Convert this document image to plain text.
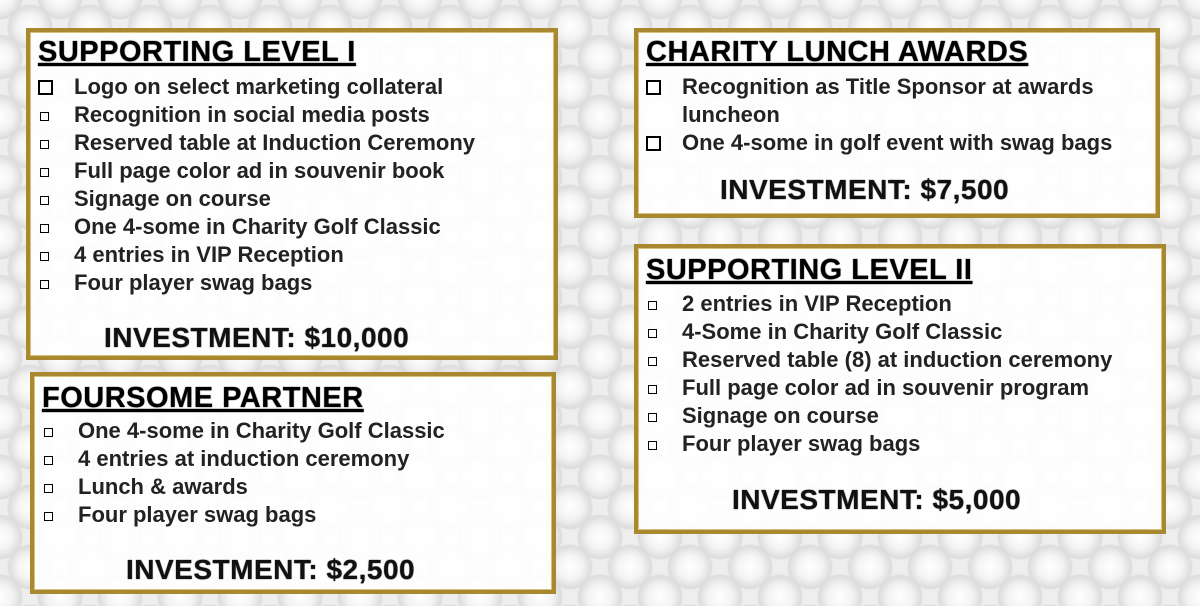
SUPPORTING LEVEL I
Logo on select marketing collateral
Recognition in social media posts
Reserved table at Induction Ceremony
Full page color ad in souvenir book
Signage on course
One 4-some in Charity Golf Classic
4 entries in VIP Reception
Four player swag bags

INVESTMENT: $10,000

FOURSOME PARTNER
One 4-some in Charity Golf Classic
4 entries at induction ceremony
Lunch & awards
Four player swag bags

INVESTMENT: $2,500

CHARITY LUNCH AWARDS
Recognition as Title Sponsor at awards
luncheon
One 4-some in golf event with swag bags

INVESTMENT: $7,500

SUPPORTING LEVEL II
2 entries in VIP Reception
4-Some in Charity Golf Classic
Reserved table (8) at induction ceremony
Full page color ad in souvenir program
Signage on course
Four player swag bags

INVESTMENT: $5,000
